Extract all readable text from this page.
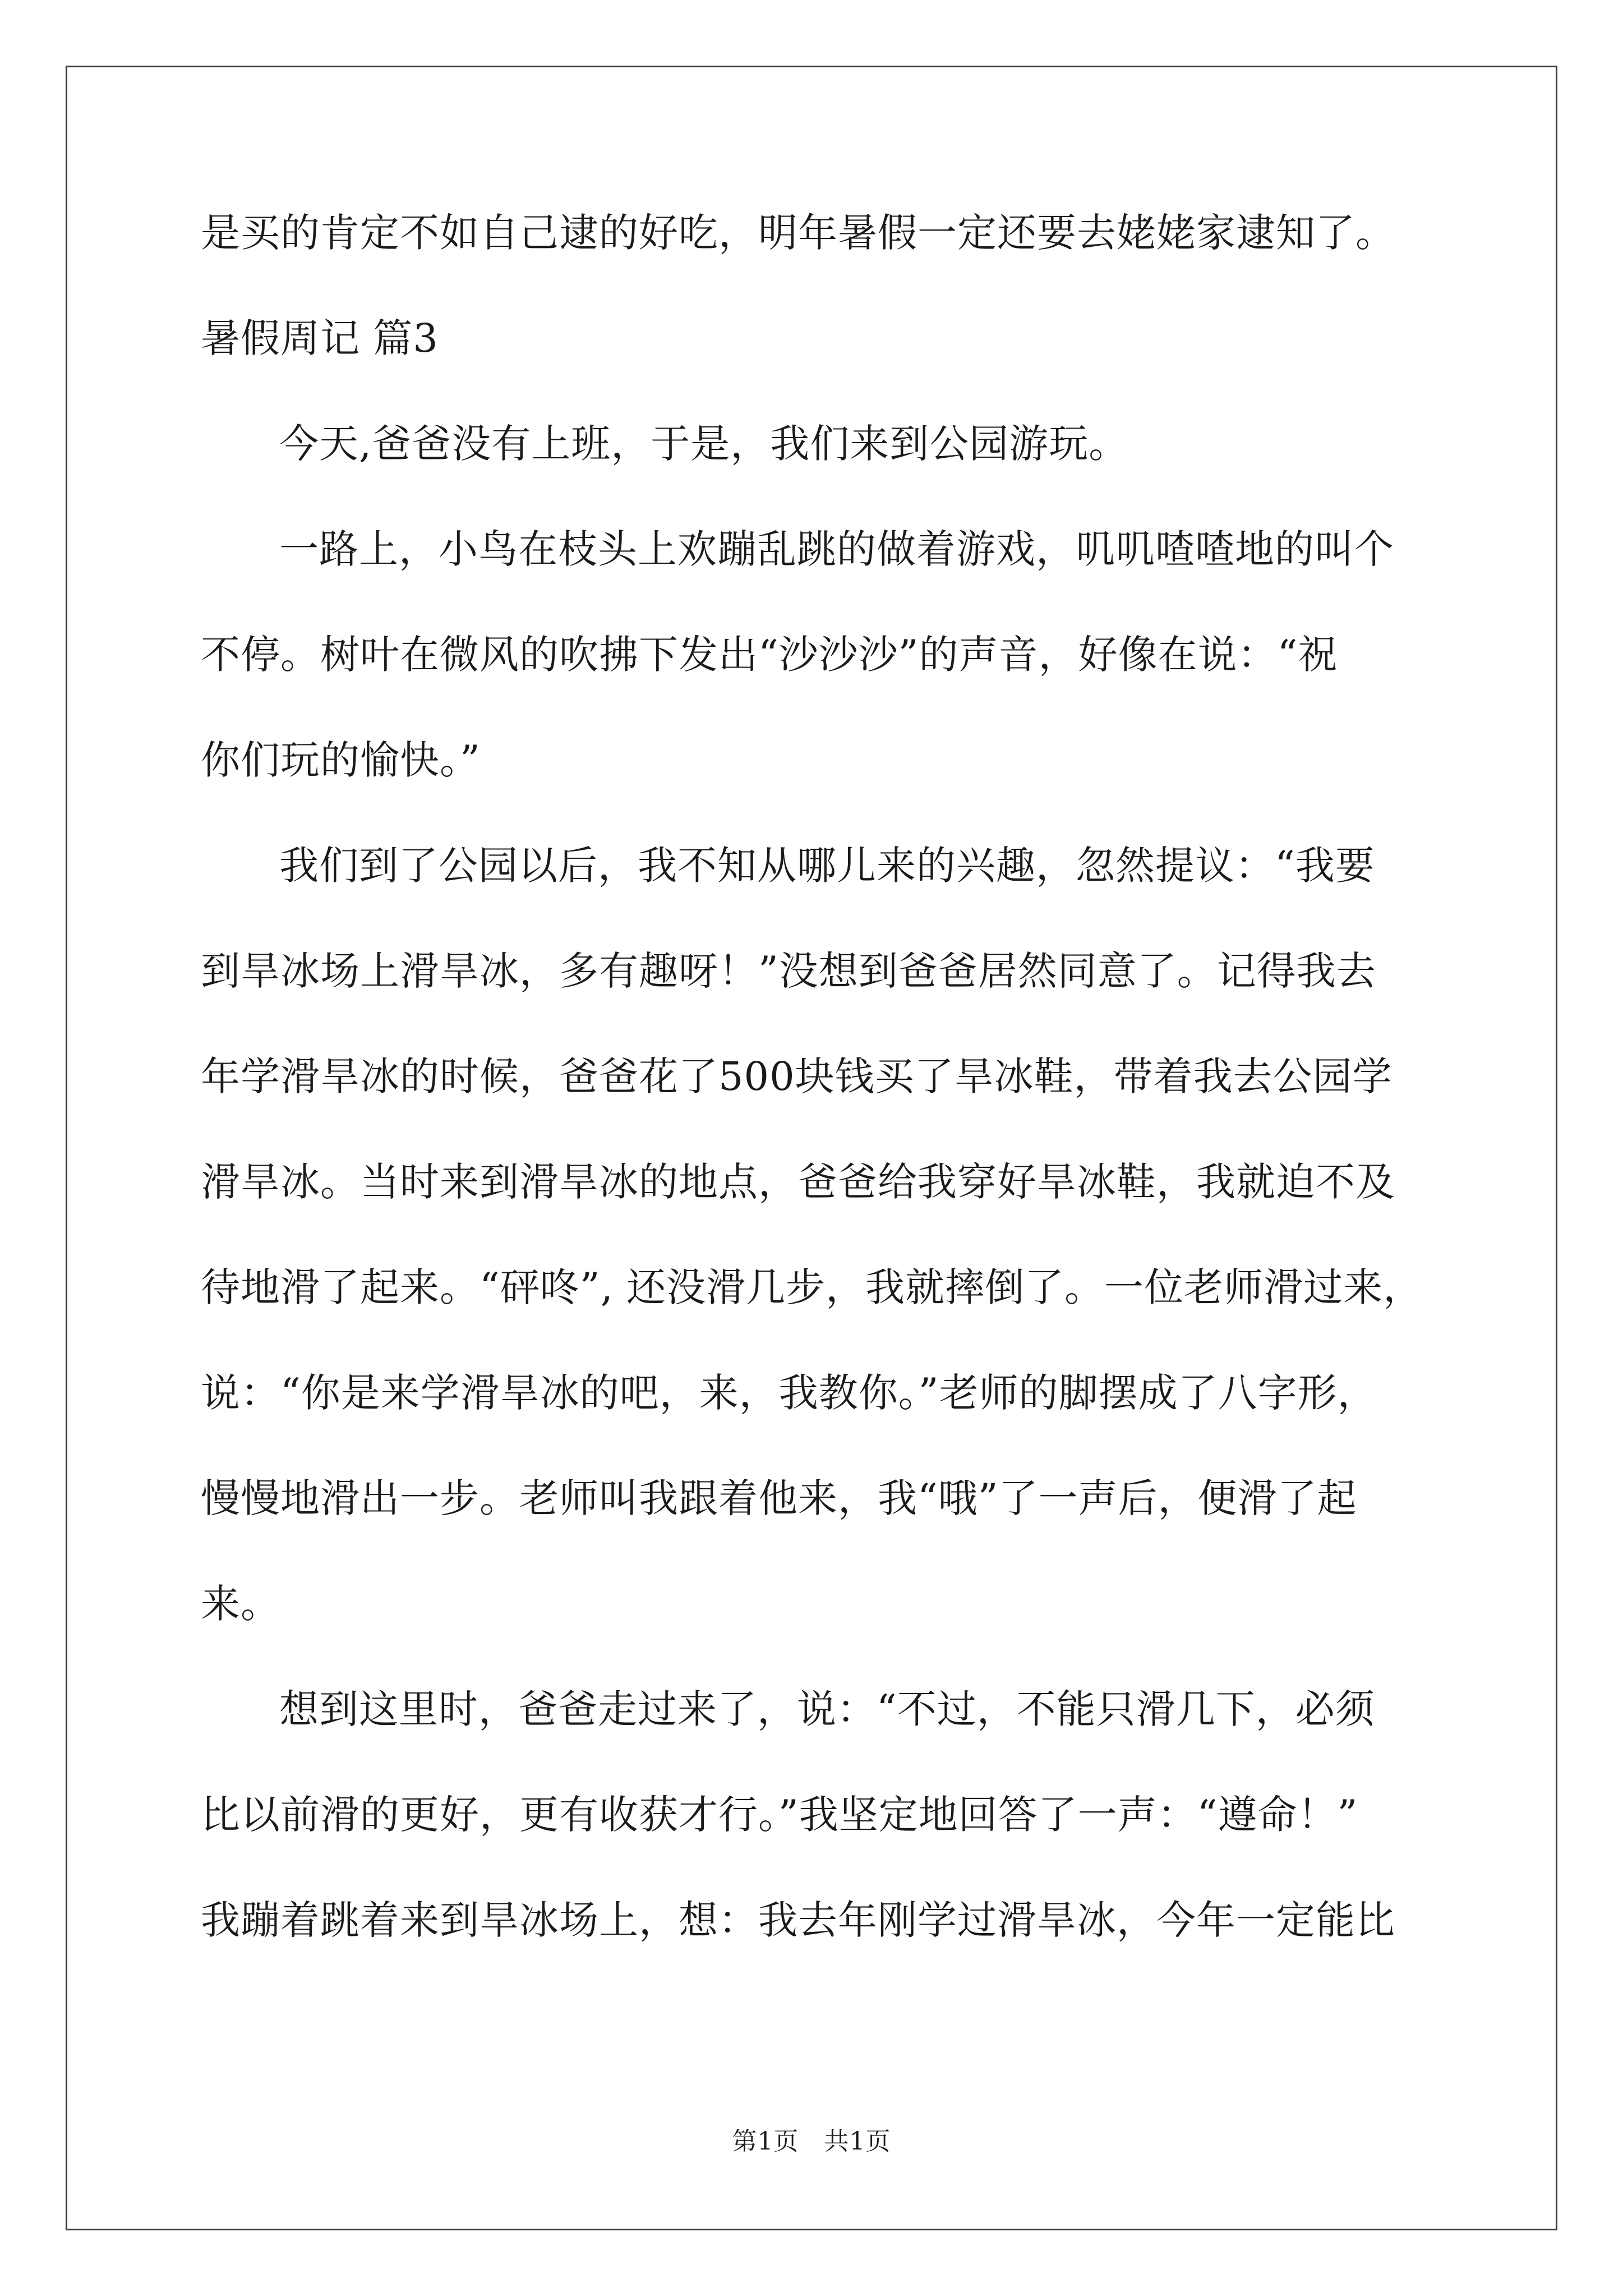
是买的肯定不如自己逮的好吃，明年暑假一定还要去姥姥家逮知了。
暑假周记 篇3
今天,爸爸没有上班，于是，我们来到公园游玩。
一路上，小鸟在枝头上欢蹦乱跳的做着游戏，叽叽喳喳地的叫个
不停。树叶在微风的吹拂下发出“沙沙沙”的声音，好像在说：“祝
你们玩的愉快。”
我们到了公园以后，我不知从哪儿来的兴趣，忽然提议：“我要
到旱冰场上滑旱冰，多有趣呀！”没想到爸爸居然同意了。记得我去
年学滑旱冰的时候，爸爸花了500块钱买了旱冰鞋，带着我去公园学
滑旱冰。当时来到滑旱冰的地点，爸爸给我穿好旱冰鞋，我就迫不及
待地滑了起来。“砰咚”, 还没滑几步，我就摔倒了。一位老师滑过来，
说：“你是来学滑旱冰的吧，来，我教你。”老师的脚摆成了八字形，
慢慢地滑出一步。老师叫我跟着他来，我“哦”了一声后，便滑了起
来。
想到这里时，爸爸走过来了，说：“不过，不能只滑几下，必须
比以前滑的更好，更有收获才行。”我坚定地回答了一声：“遵命！”
我蹦着跳着来到旱冰场上，想：我去年刚学过滑旱冰，今年一定能比
第1页　共1页
